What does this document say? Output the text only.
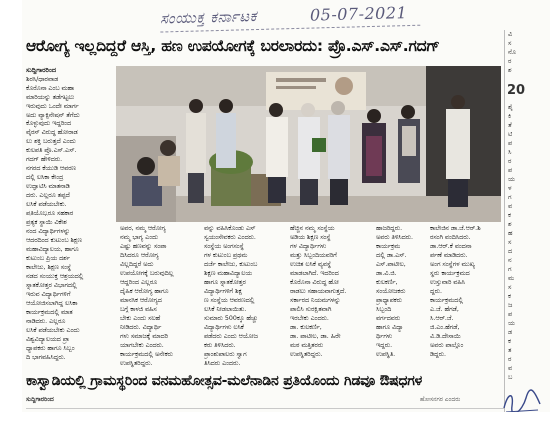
ಸಂಯುಕ್ತ ಕರ್ನಾಟಕ	05-07-2021
ಆರೋಗ್ಯ ಇಲ್ಲದಿದ್ದರೆ ಆಸ್ತಿ, ಹಣ ಉಪಯೋಗಕ್ಕೆ ಬರಲಾರದು: ಪ್ರೊ.ಎಸ್.ಎಸ್.ಗದಗ್
ಸುದ್ದಿಗಾರರಿಂದ
ಶಿರಸಿ/ಧಾರವಾಡ
ಕೊರೊನಾ ಎಂಬ ಮಹಾ
ಮಾರಿಯನ್ನು ತಡೆಗಟ್ಟಲು
ಇರುವುದು ಒಂದೇ ಮಾರ್ಗ
ಅದು ವ್ಯಾಕ್ಸಿನೇಷನ್ ತೆಗೆದು
ಕೊಳ್ಳುವುದು ಇದ್ದರಿಂದ
ವೈರಸ್ ವಿರುದ್ಧ ಹೋರಾಡ
ಲು ಶಕ್ತಿ ಬರುತ್ತದೆ ಎಂದು
ಕುಲಪತಿ ಪ್ರೊ.ಎಸ್.ಎಸ್.
ಗದಗ್ ಹೇಳಿದರು.
ನಗರದ ಕೆಯುಡಿ ಆವರಣ
ದಲ್ಲಿ ಲಸಿಕಾ ಕೇಂದ್ರ
ಉದ್ಘಾಟಿಸಿ ಮಾತನಾಡಿ
ದರು. ಎಲ್ಲರೂ ತಪ್ಪದೆ
ಲಸಿಕೆ ಪಡೆಯಬೇಕು.
ಪ್ರತಿಯೊಬ್ಬರೂ ಸಹಕಾರ
ಪ್ರತ್ಯಕ ಸ್ಥಾಯಿ ವಿಕೇಶ
ನಂದ ವಿದ್ಯಾರ್ಥಿಗಳನ್ನು
ಆದರದಿಂದ ಕುಟುಂಬ ಶಿಕ್ಷಣ
ಮಹಾವಿದ್ಯಾಲಯ, ಹಾಗೂ
ಕುಟುಂಬ ಪ್ರಿಯ ದರ್ಶ
ಕಾಲೇಜು, ಶಿಕ್ಷಣ ಸಂಸ್ಥೆ
ನಡದ ಸಂಯುಕ್ತ ಆಶ್ರಯದಲ್ಲಿ
ಸ್ನಾತಕೋತ್ತರ ವಿಭಾಗದಲ್ಲಿ
ಇರುವ ವಿದ್ಯಾರ್ಥಿಗಳಿಗೆ
ಆಯೋಜಿಸಲಾಗಿದ್ದ ಲಸಿಕಾ
ಕಾರ್ಯಕ್ರಮದಲ್ಲಿ ಮಾತ
ನಾಡಿದರು. ಎಲ್ಲರೂ
ಲಸಿಕೆ ಪಡೆಯಬೇಕು ಎಂದು
ವಿಶ್ವವಿದ್ಯಾಲಯದ ಪ್ರಾ
ಧ್ಯಾಪಕರು ಹಾಗೂ ಸಿಬ್ಬಂ
ದಿ ಭಾಗವಹಿಸಿದ್ದರು.
ಅವರ, ನಮ್ಮ ಆರೋಗ್ಯ
ನಮ್ಮ ಭಾಗ್ಯ ಎಂದು
ಎಷ್ಟು ಹಣವನ್ನು ಸಂಪಾ
ದಿಸಿದರೂ ಆರೋಗ್ಯ
ವಿಲ್ಲದಿದ್ದರೆ ಅದು
ಉಪಯೋಗಕ್ಕೆ ಬರುವುದಿಲ್ಲ
ಆದ್ದರಿಂದ ಎಲ್ಲರೂ
ದೈಹಿಕ ಆರೋಗ್ಯ ಹಾಗೂ
ಮಾನಸಿಕ ಆರೋಗ್ಯದ
ಬಗ್ಗೆ ಕಾಳಜಿ ವಹಿಸ
ಬೇಕು ಎಂದು ಸಲಹೆ
ನೀಡಿದರು. ವಿದ್ಯಾರ್ಥಿ
ಗಳು ಸಮಾಜಕ್ಕೆ ಮಾದರಿ
ಯಾಗಬೇಕು ಎಂದರು.
ಕಾರ್ಯಕ್ರಮದಲ್ಲಿ ಅನೇಕರು
ಉಪಸ್ಥಿತರಿದ್ದರು.
ವನ್ನು ವಹಿಸಿಕೊಂಡು ಎಸ್
ಸ್ವಯಂಸೇವಕರು ಎಂದರು.
ಸಂಸ್ಥೆಯ ಅಂಗಸಂಸ್ಥೆ
ಗಳ ಕುಟುಂಬ ಪ್ರಥಮ
ದರ್ಜೆ ಕಾಲೇಜು, ಕುಟುಂಬ
ಶಿಕ್ಷಣ ಮಹಾವಿದ್ಯಾಲಯ
ಹಾಗೂ ಸ್ನಾತಕೋತ್ತರ
ವಿದ್ಯಾರ್ಥಿಗಳಿಗೆ ಶಿಕ್ಷ
ಣ ಸಂಸ್ಥೆಯ ಆವರಣದಲ್ಲಿ
ಲಸಿಕೆ ನೀಡಲಾಯಿತು.
ಸುಮಾರು 500ಕ್ಕೂ ಹೆಚ್ಚು
ವಿದ್ಯಾರ್ಥಿಗಳು ಲಸಿಕೆ
ಪಡೆದರು ಎಂದು ಆಯೋಜ
ಕರು ತಿಳಿಸಿದರು.
ಪ್ರಾಂಶುಪಾಲರು ಸ್ವಾಗ
ತಿಸಿದರು ಎಂದರು.
ಹೆಚ್ಚಿನ ನಮ್ಮ ಸಂಸ್ಥೆಯ
ಅಡಿಯ ಶಿಕ್ಷಣ ಸಂಸ್ಥೆ
ಗಳ ವಿದ್ಯಾರ್ಥಿಗಳು
ಮತ್ತು ಸಿಬ್ಬಂದಿಯವರಿಗೆ
ಉಚಿತ ಲಸಿಕೆ ವ್ಯವಸ್ಥೆ
ಮಾಡಲಾಗಿದೆ. ಇದರಿಂದ
ಕೊರೊನಾ ವಿರುದ್ಧ ಹೋ
ರಾಡಲು ಸಹಾಯವಾಗುತ್ತದೆ.
ಸರ್ಕಾರದ ನಿಯಮಗಳನ್ನು
ಪಾಲಿಸಿ ಸುರಕ್ಷಿತವಾಗಿ
ಇರಬೇಕು ಎಂದರು.
ಡಾ. ಕುಲಕರ್ಣಿ,
ಡಾ. ಪಾಟೀಲ, ಡಾ. ಹಿರೇ
ಮಠ ಮತ್ತಿತರರು
ಉಪಸ್ಥಿತರಿದ್ದರು.
ಹಾಜರಿದ್ದರು.
ಅವರು ತಿಳಿಸಿದರು.
ಕಾರ್ಯಕ್ರಮ
ದಲ್ಲಿ ಡಾ.ಎಸ್.
ಎಸ್.ಪಾಟೀಲ,
ಡಾ.ವಿ.ಜಿ.
ಕುಲಕರ್ಣಿ,
ಸಂಯೋಜಕರು
ಪ್ರಾಧ್ಯಾಪಕರು
ಸಿಬ್ಬಂದಿ
ವರ್ಗದವರು
ಹಾಗೂ ವಿದ್ಯಾ
ರ್ಥಿಗಳು
ಇದ್ದರು.
ಉಪಸ್ಥಿತಿ.
ಕಾಲೇಜಿನ ಡಾ.ಜೆ.ಆರ್.ಶಿ
ರಸಂಗಿ ವಂದಿಸಿದರು.
ಡಾ.ಆರ್.ಕೆ ವಂದನಾ
ರ್ಪಣೆ ಮಾಡಿದರು.
ಅಂಗ ಸಂಸ್ಥೆಗಳ ಮುಖ್ಯ
ಸ್ಥರು ಕಾರ್ಯಕ್ರಮದ
ಉಸ್ತುವಾರಿ ವಹಿಸಿ
ದ್ದರು.
ಕಾರ್ಯಕ್ರಮದಲ್ಲಿ
ಎ.ಜೆ. ಹೆಗಡೆ,
ಸಿ.ಆರ್.ಜೆ.
ಜಿ.ಎಂ.ಹೆಗಡೆ,
ವಿ.ಡಿ.ದೇಸಾಯಿ
ಅವರು ಪಾಲ್ಗೊಂ
ಡಿದ್ದರು.
ವಿ
ಸ
ನೊ
ರ
ಶ
20
ಶೈ
ಕಿ
ತೆ
ಟಿ
ಪ
ಸಿ
ರ
ಪ
ಯ
ಳ
ಗ
ವ
ಕ
ಶ
ಹ
ಸ
ದ
ನ
ಗ
ಮ
ಸ
ಕ
ಜ
ಪ
ಯ
ಡ
ಕ
ತ
ರ
ವ
ಬ
ಕಾಸ್ವಾಡಿಯಲ್ಲಿ ಗ್ರಾಮಸ್ಥರಿಂದ ವನಮಹೋತ್ಸವ-ಮಲೆನಾಡಿನ ಪ್ರತಿಯೊಂದು ಗಿಡವೂ ಔಷಧಗಳ
ಸುದ್ದಿಗಾರರಿಂದ	ಹೋಸನಗರ ಎಂದರು
